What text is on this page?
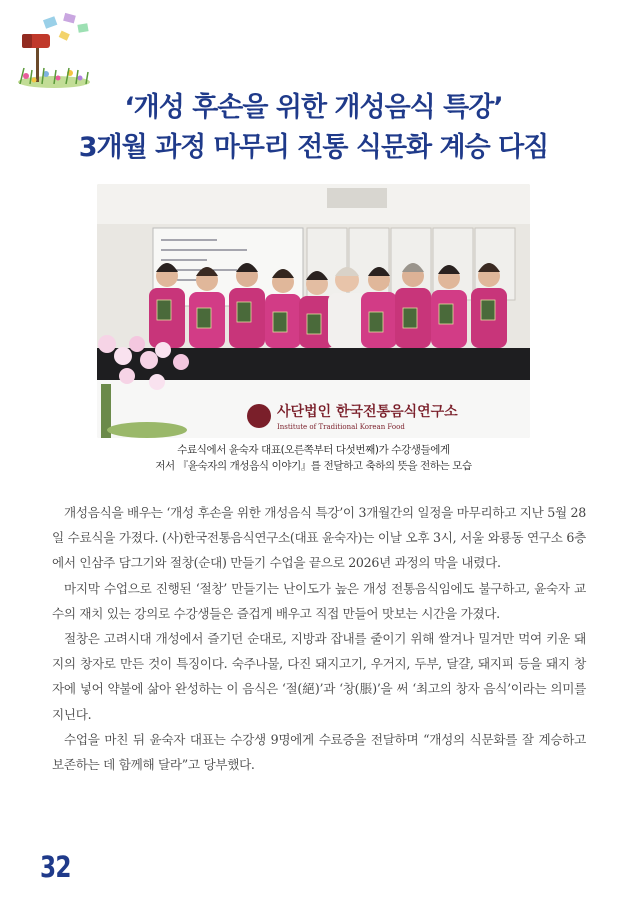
‘개성 후손을 위한 개성음식 특강’
3개월 과정 마무리 전통 식문화 계승 다짐
사단법인 한국전통음식연구소
Institute of Traditional Korean Food
수료식에서 윤숙자 대표(오른쪽부터 다섯번째)가 수강생들에게
저서 『윤숙자의 개성음식 이야기』를 전달하고 축하의 뜻을 전하는 모습

개성음식을 배우는 ‘개성 후손을 위한 개성음식 특강’이 3개월간의 일정을 마무리하고 지난 5월 28일 수료식을 가졌다. (사)한국전통음식연구소(대표 윤숙자)는 이날 오후 3시, 서울 와룡동 연구소 6층에서 인삼주 담그기와 절창(순대) 만들기 수업을 끝으로 2026년 과정의 막을 내렸다.

마지막 수업으로 진행된 ‘절창’ 만들기는 난이도가 높은 개성 전통음식임에도 불구하고, 윤숙자 교수의 재치 있는 강의로 수강생들은 즐겁게 배우고 직접 만들어 맛보는 시간을 가졌다.

절창은 고려시대 개성에서 즐기던 순대로, 지방과 잡내를 줄이기 위해 쌀겨나 밀겨만 먹여 키운 돼지의 창자로 만든 것이 특징이다. 숙주나물, 다진 돼지고기, 우거지, 두부, 달걀, 돼지피 등을 돼지 창자에 넣어 약불에 삶아 완성하는 이 음식은 ‘절(絕)’과 ‘창(脹)’을 써 ‘최고의 창자 음식’이라는 의미를 지닌다.

수업을 마친 뒤 윤숙자 대표는 수강생 9명에게 수료증을 전달하며 “개성의 식문화를 잘 계승하고 보존하는 데 함께해 달라”고 당부했다.

32
